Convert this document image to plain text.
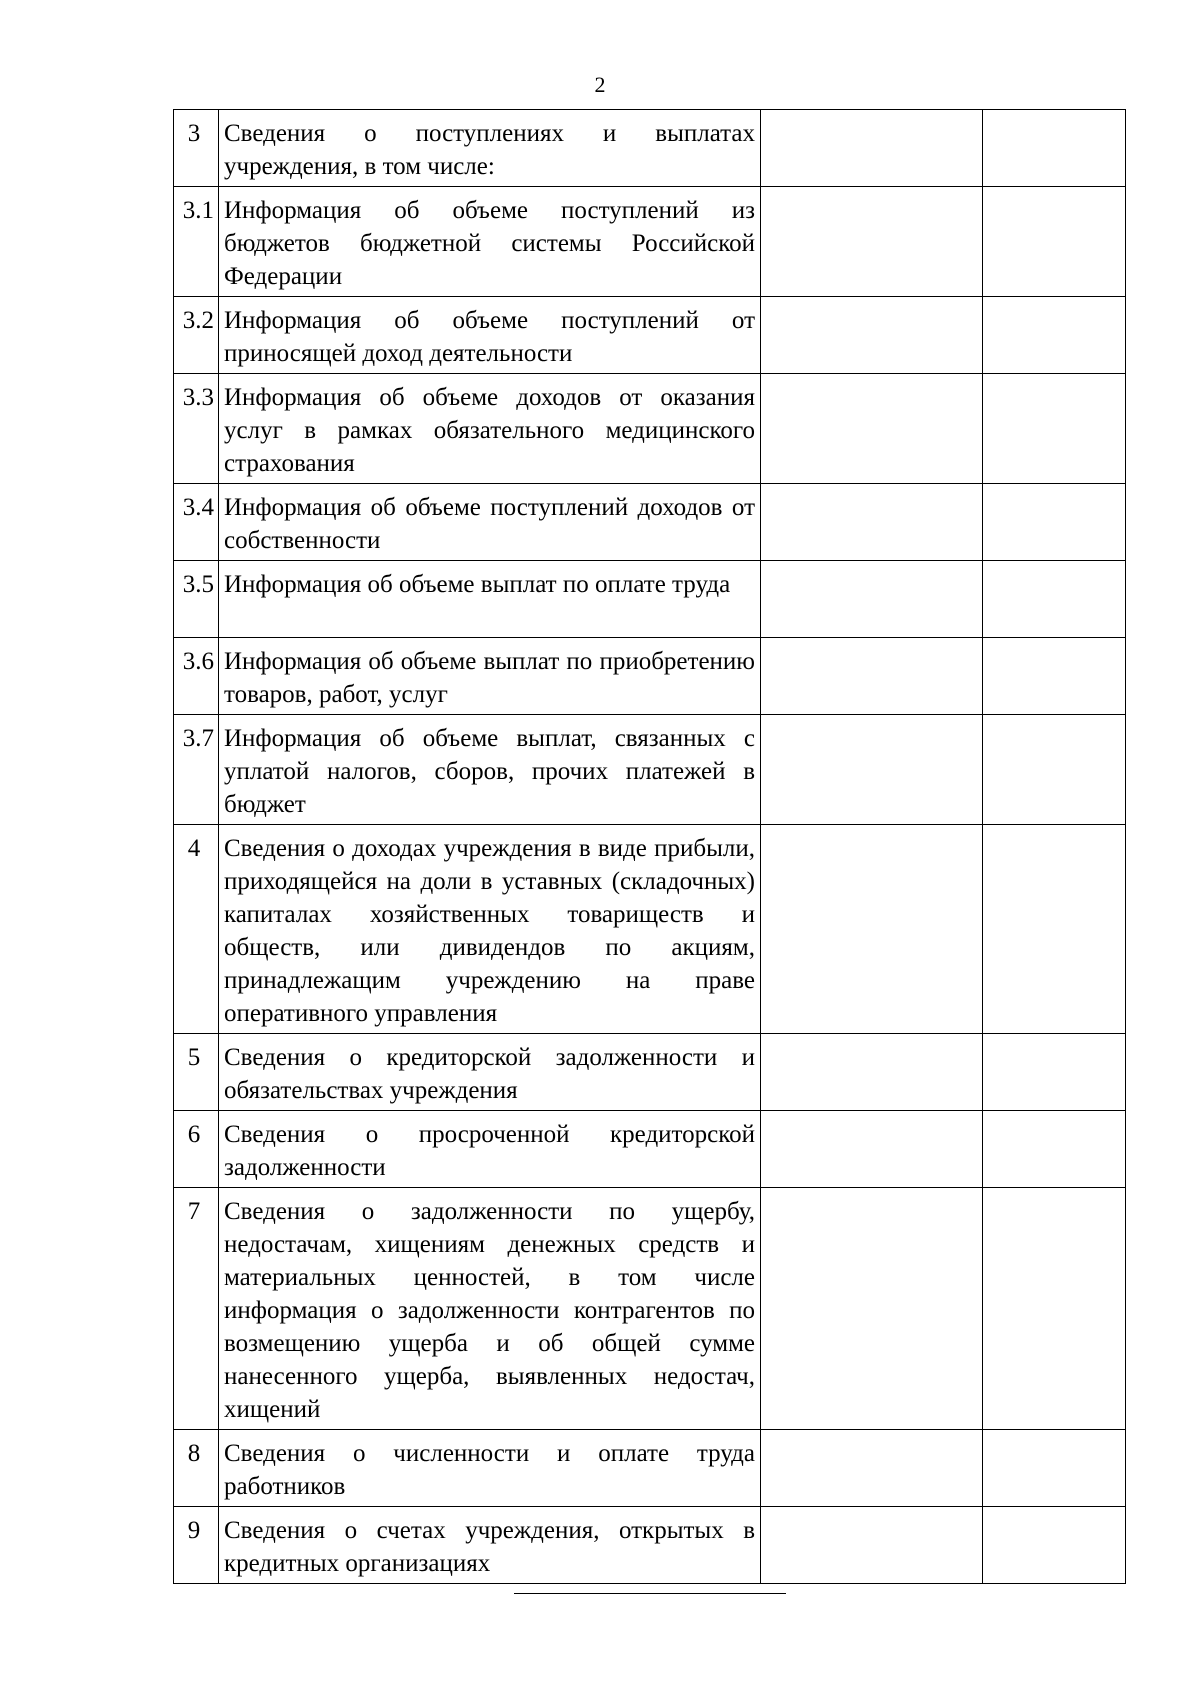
2
3	Сведения о поступлениях и выплатах учреждения, в том числе:		
3.1	Информация об объеме поступлений из бюджетов бюджетной системы Российской Федерации		
3.2	Информация об объеме поступлений от приносящей доход деятельности		
3.3	Информация об объеме доходов от оказания услуг в рамках обязательного медицинского страхования		
3.4	Информация об объеме поступлений доходов от собственности		
3.5	Информация об объеме выплат по оплате труда		
3.6	Информация об объеме выплат по приобретению товаров, работ, услуг		
3.7	Информация об объеме выплат, связанных с уплатой налогов, сборов, прочих платежей в бюджет		

4	Сведения о доходах учреждения в виде прибыли, приходящейся на доли в уставных (складочных) капиталах хозяйственных товариществ и обществ, или дивидендов по акциям, принадлежащим учреждению на праве оперативного управления		

5	Сведения о кредиторской задолженности и обязательствах учреждения		

6	Сведения о просроченной кредиторской задолженности		

7	Сведения о задолженности по ущербу, недостачам, хищениям денежных средств и материальных ценностей, в том числе информация о задолженности контрагентов по возмещению ущерба и об общей сумме нанесенного ущерба, выявленных недостач, хищений		

8	Сведения о численности и оплате труда работников		

9	Сведения о счетах учреждения, открытых в кредитных организациях		
